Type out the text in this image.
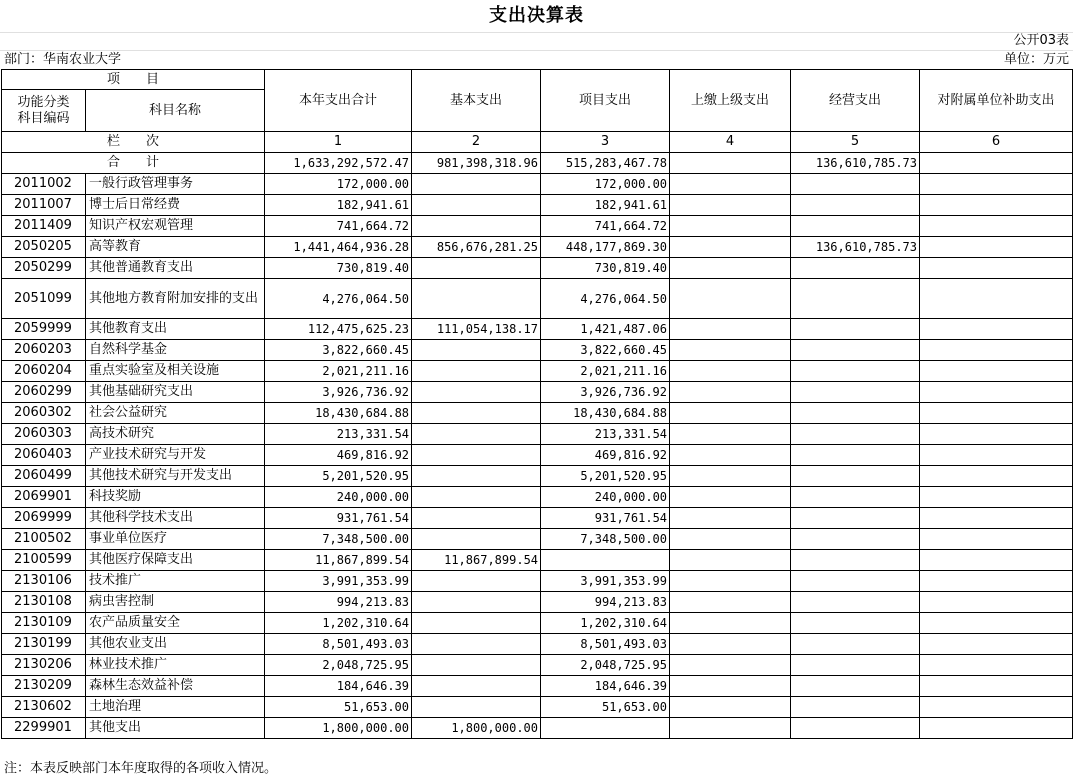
支出决算表
公开03表
部门：华南农业大学	单位：万元
项　　目		本年支出合计	基本支出	项目支出	上缴上级支出	经营支出	对附属单位补助支出
功能分类
科目编码	科目名称						

栏　　次		1	2	3	4	5	6
合　　计		1,633,292,572.47	981,398,318.96	515,283,467.78		136,610,785.73	
2011002	一般行政管理事务	172,000.00		172,000.00			
2011007	博士后日常经费	182,941.61		182,941.61			
2011409	知识产权宏观管理	741,664.72		741,664.72			
2050205	高等教育	1,441,464,936.28	856,676,281.25	448,177,869.30		136,610,785.73	
2050299	其他普通教育支出	730,819.40		730,819.40			
2051099	其他地方教育附加安排的支出	4,276,064.50		4,276,064.50			
2059999	其他教育支出	112,475,625.23	111,054,138.17	1,421,487.06			
2060203	自然科学基金	3,822,660.45		3,822,660.45			
2060204	重点实验室及相关设施	2,021,211.16		2,021,211.16			
2060299	其他基础研究支出	3,926,736.92		3,926,736.92			
2060302	社会公益研究	18,430,684.88		18,430,684.88			
2060303	高技术研究	213,331.54		213,331.54			
2060403	产业技术研究与开发	469,816.92		469,816.92			
2060499	其他技术研究与开发支出	5,201,520.95		5,201,520.95			
2069901	科技奖励	240,000.00		240,000.00			
2069999	其他科学技术支出	931,761.54		931,761.54			
2100502	事业单位医疗	7,348,500.00		7,348,500.00			
2100599	其他医疗保障支出	11,867,899.54	11,867,899.54				
2130106	技术推广	3,991,353.99		3,991,353.99			
2130108	病虫害控制	994,213.83		994,213.83			
2130109	农产品质量安全	1,202,310.64		1,202,310.64			
2130199	其他农业支出	8,501,493.03		8,501,493.03			
2130206	林业技术推广	2,048,725.95		2,048,725.95			
2130209	森林生态效益补偿	184,646.39		184,646.39			
2130602	土地治理	51,653.00		51,653.00			
2299901	其他支出	1,800,000.00	1,800,000.00				
注：本表反映部门本年度取得的各项收入情况。
